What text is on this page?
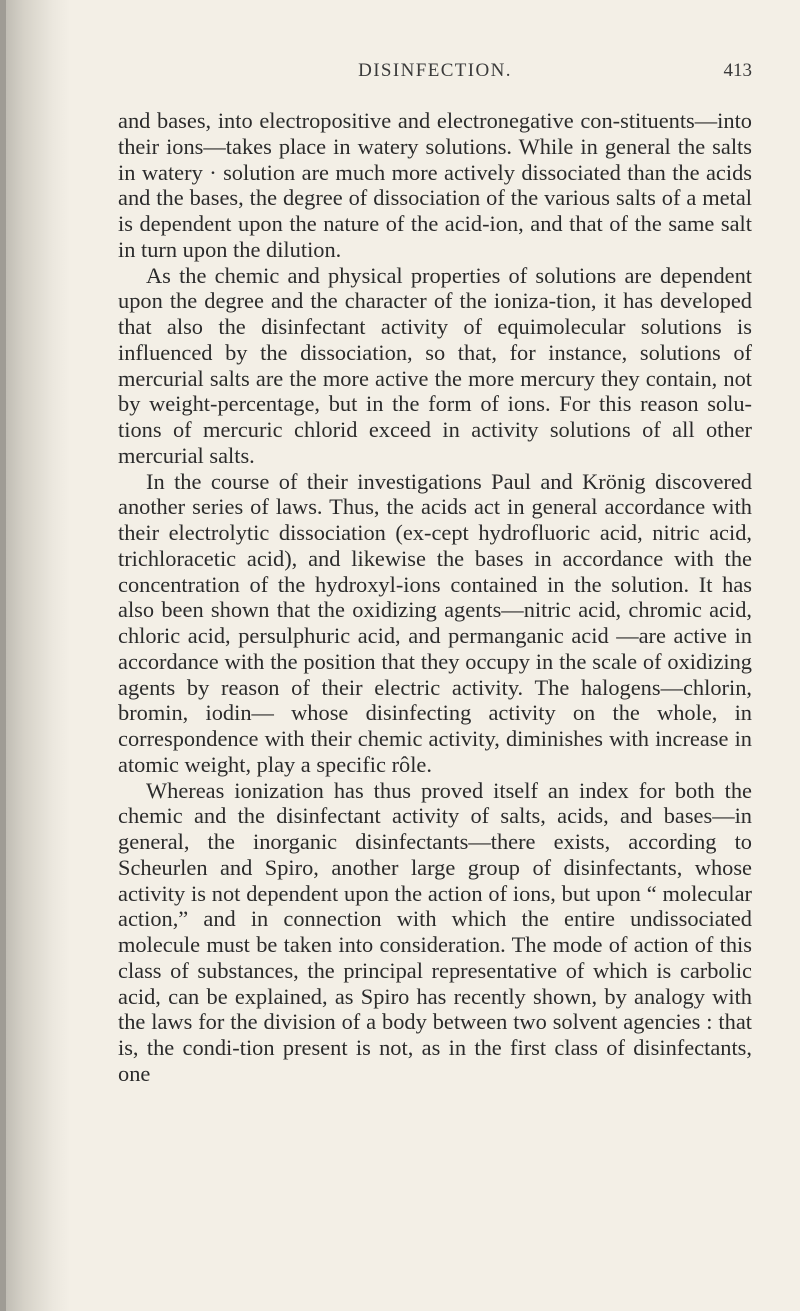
DISINFECTION.	413

and bases, into electropositive and electronegative con-stituents—into their ions—takes place in watery solutions. While in general the salts in watery · solution are much more actively dissociated than the acids and the bases, the degree of dissociation of the various salts of a metal is dependent upon the nature of the acid-ion, and that of the same salt in turn upon the dilution.

As the chemic and physical properties of solutions are dependent upon the degree and the character of the ioniza-tion, it has developed that also the disinfectant activity of equimolecular solutions is influenced by the dissociation, so that, for instance, solutions of mercurial salts are the more active the more mercury they contain, not by weight-percentage, but in the form of ions. For this reason solu-tions of mercuric chlorid exceed in activity solutions of all other mercurial salts.

In the course of their investigations Paul and Krönig discovered another series of laws. Thus, the acids act in general accordance with their electrolytic dissociation (ex-cept hydrofluoric acid, nitric acid, trichloracetic acid), and likewise the bases in accordance with the concentration of the hydroxyl-ions contained in the solution. It has also been shown that the oxidizing agents—nitric acid, chromic acid, chloric acid, persulphuric acid, and permanganic acid —are active in accordance with the position that they occupy in the scale of oxidizing agents by reason of their electric activity. The halogens—chlorin, bromin, iodin— whose disinfecting activity on the whole, in correspondence with their chemic activity, diminishes with increase in atomic weight, play a specific rôle.

Whereas ionization has thus proved itself an index for both the chemic and the disinfectant activity of salts, acids, and bases—in general, the inorganic disinfectants—there exists, according to Scheurlen and Spiro, another large group of disinfectants, whose activity is not dependent upon the action of ions, but upon “ molecular action,” and in connection with which the entire undissociated molecule must be taken into consideration. The mode of action of this class of substances, the principal representative of which is carbolic acid, can be explained, as Spiro has recently shown, by analogy with the laws for the division of a body between two solvent agencies : that is, the condi-tion present is not, as in the first class of disinfectants, one
